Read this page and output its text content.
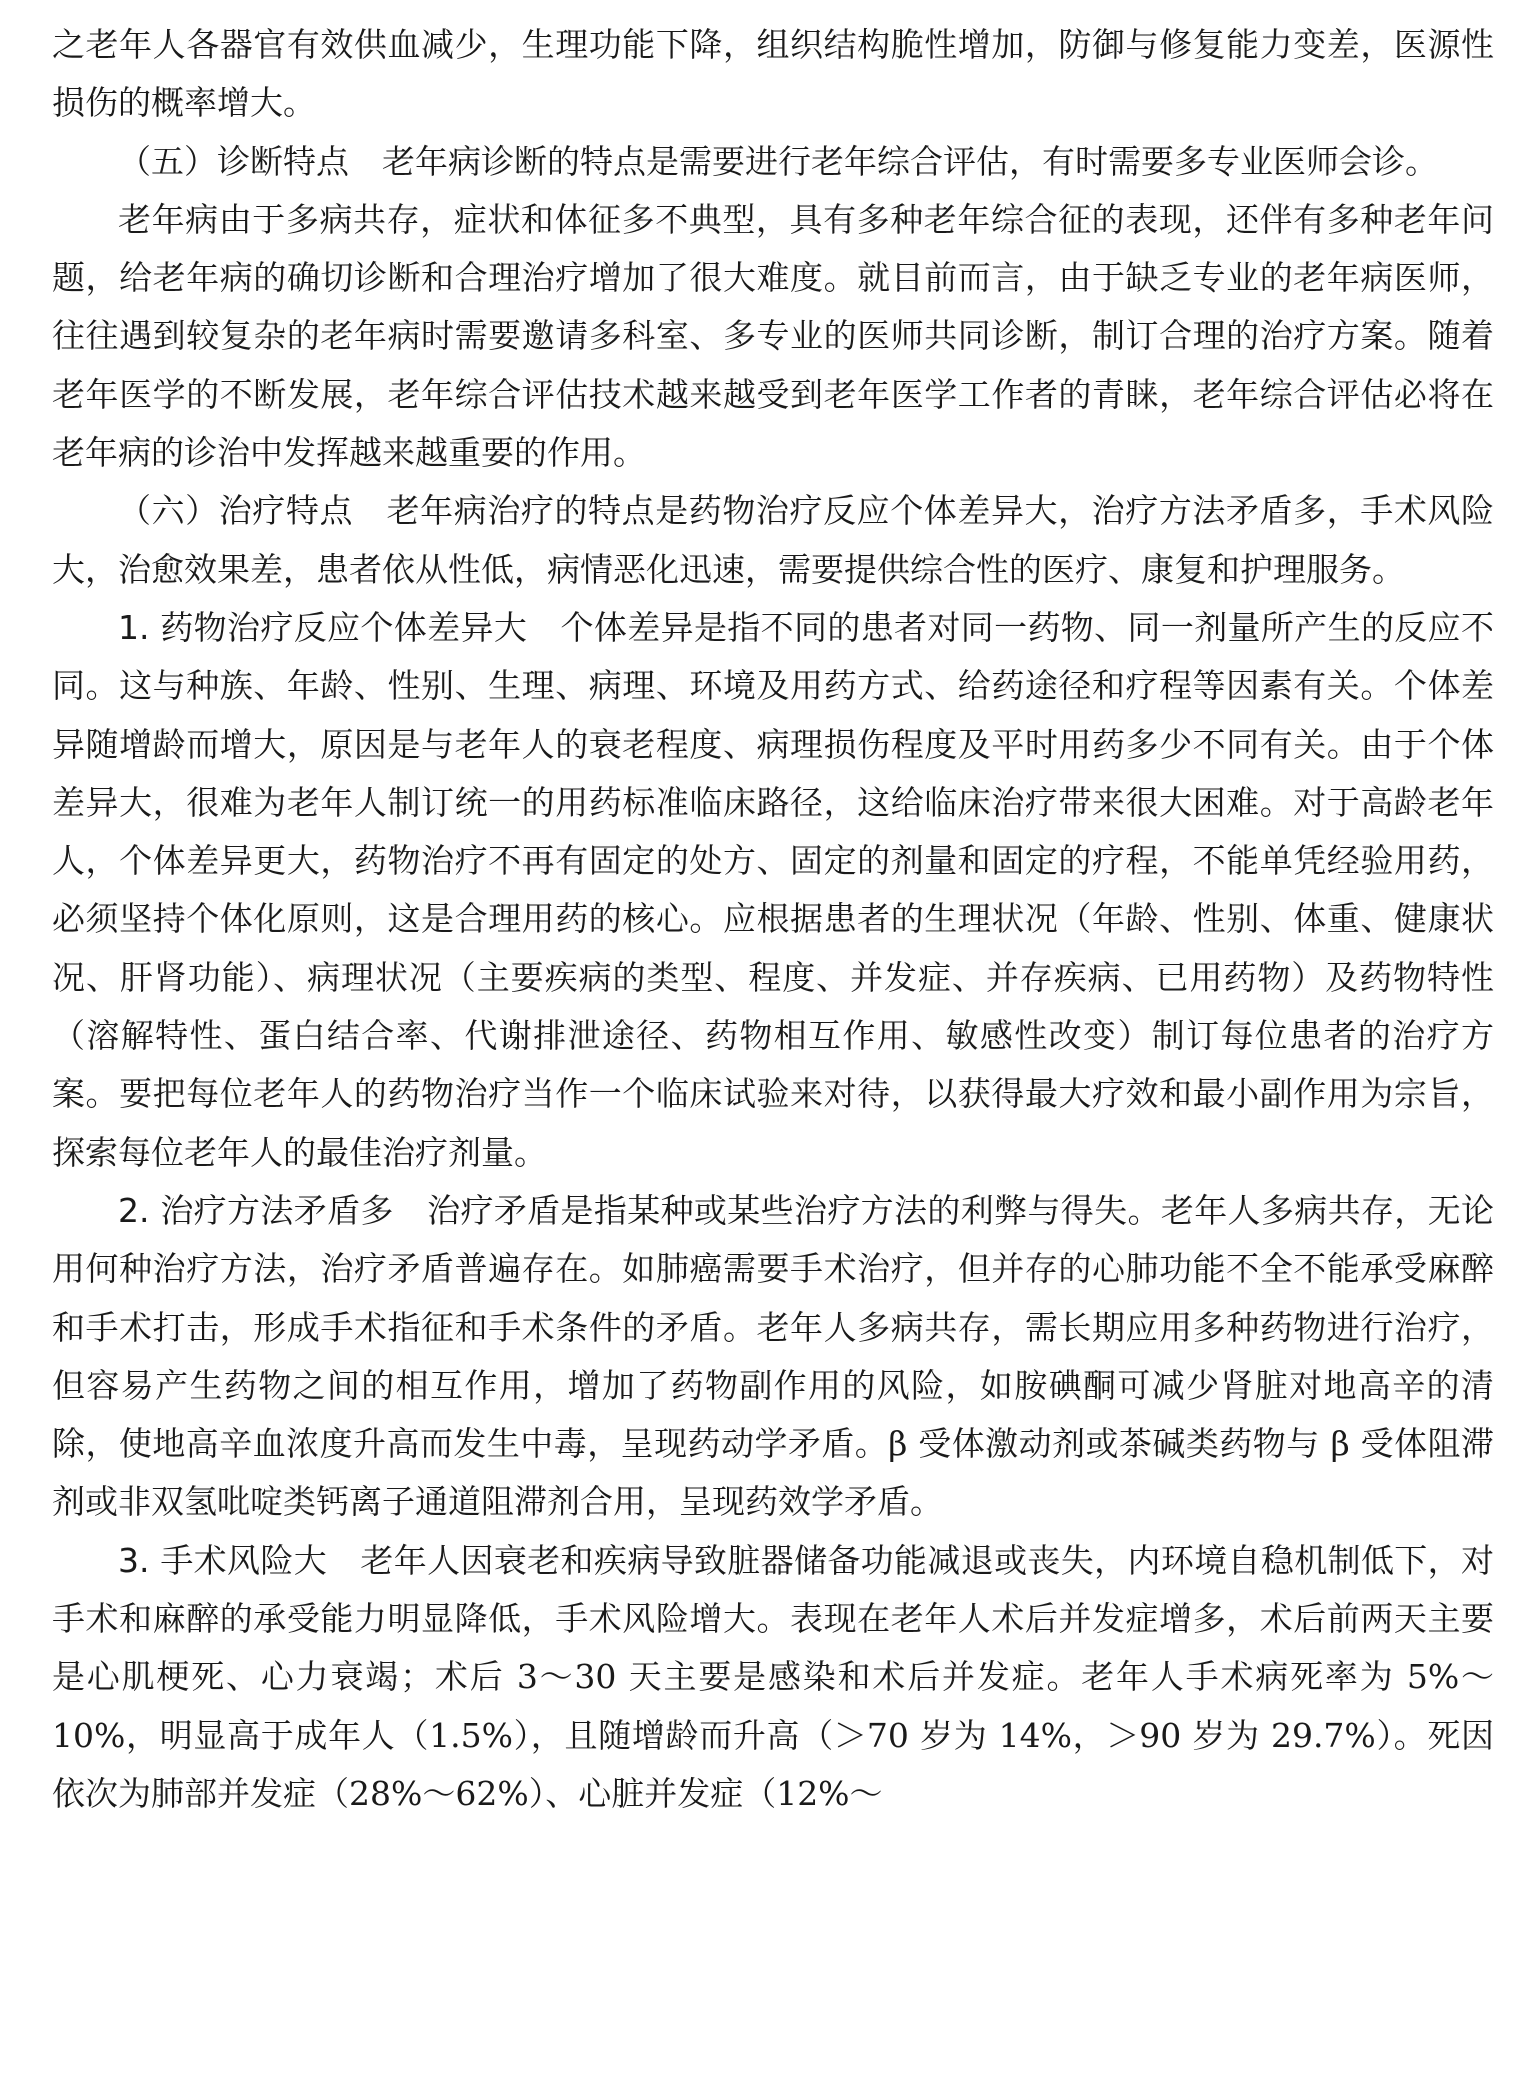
之老年人各器官有效供血减少，生理功能下降，组织结构脆性增加，防御与修复能力变差，医源性损伤的概率增大。

（五）诊断特点 老年病诊断的特点是需要进行老年综合评估，有时需要多专业医师会诊。

老年病由于多病共存，症状和体征多不典型，具有多种老年综合征的表现，还伴有多种老年问题，给老年病的确切诊断和合理治疗增加了很大难度。就目前而言，由于缺乏专业的老年病医师，往往遇到较复杂的老年病时需要邀请多科室、多专业的医师共同诊断，制订合理的治疗方案。随着老年医学的不断发展，老年综合评估技术越来越受到老年医学工作者的青睐，老年综合评估必将在老年病的诊治中发挥越来越重要的作用。

（六）治疗特点 老年病治疗的特点是药物治疗反应个体差异大，治疗方法矛盾多，手术风险大，治愈效果差，患者依从性低，病情恶化迅速，需要提供综合性的医疗、康复和护理服务。

1. 药物治疗反应个体差异大 个体差异是指不同的患者对同一药物、同一剂量所产生的反应不同。这与种族、年龄、性别、生理、病理、环境及用药方式、给药途径和疗程等因素有关。个体差异随增龄而增大，原因是与老年人的衰老程度、病理损伤程度及平时用药多少不同有关。由于个体差异大，很难为老年人制订统一的用药标准临床路径，这给临床治疗带来很大困难。对于高龄老年人，个体差异更大，药物治疗不再有固定的处方、固定的剂量和固定的疗程，不能单凭经验用药，必须坚持个体化原则，这是合理用药的核心。应根据患者的生理状况（年龄、性别、体重、健康状况、肝肾功能）、病理状况（主要疾病的类型、程度、并发症、并存疾病、已用药物）及药物特性（溶解特性、蛋白结合率、代谢排泄途径、药物相互作用、敏感性改变）制订每位患者的治疗方案。要把每位老年人的药物治疗当作一个临床试验来对待，以获得最大疗效和最小副作用为宗旨，探索每位老年人的最佳治疗剂量。

2. 治疗方法矛盾多 治疗矛盾是指某种或某些治疗方法的利弊与得失。老年人多病共存，无论用何种治疗方法，治疗矛盾普遍存在。如肺癌需要手术治疗，但并存的心肺功能不全不能承受麻醉和手术打击，形成手术指征和手术条件的矛盾。老年人多病共存，需长期应用多种药物进行治疗，但容易产生药物之间的相互作用，增加了药物副作用的风险，如胺碘酮可减少肾脏对地高辛的清除，使地高辛血浓度升高而发生中毒，呈现药动学矛盾。β 受体激动剂或茶碱类药物与 β 受体阻滞剂或非双氢吡啶类钙离子通道阻滞剂合用，呈现药效学矛盾。

3. 手术风险大 老年人因衰老和疾病导致脏器储备功能减退或丧失，内环境自稳机制低下，对手术和麻醉的承受能力明显降低，手术风险增大。表现在老年人术后并发症增多，术后前两天主要是心肌梗死、心力衰竭；术后 3～30 天主要是感染和术后并发症。老年人手术病死率为 5%～10%，明显高于成年人（1.5%），且随增龄而升高（＞70 岁为 14%，＞90 岁为 29.7%）。死因依次为肺部并发症（28%～62%）、心脏并发症（12%～
